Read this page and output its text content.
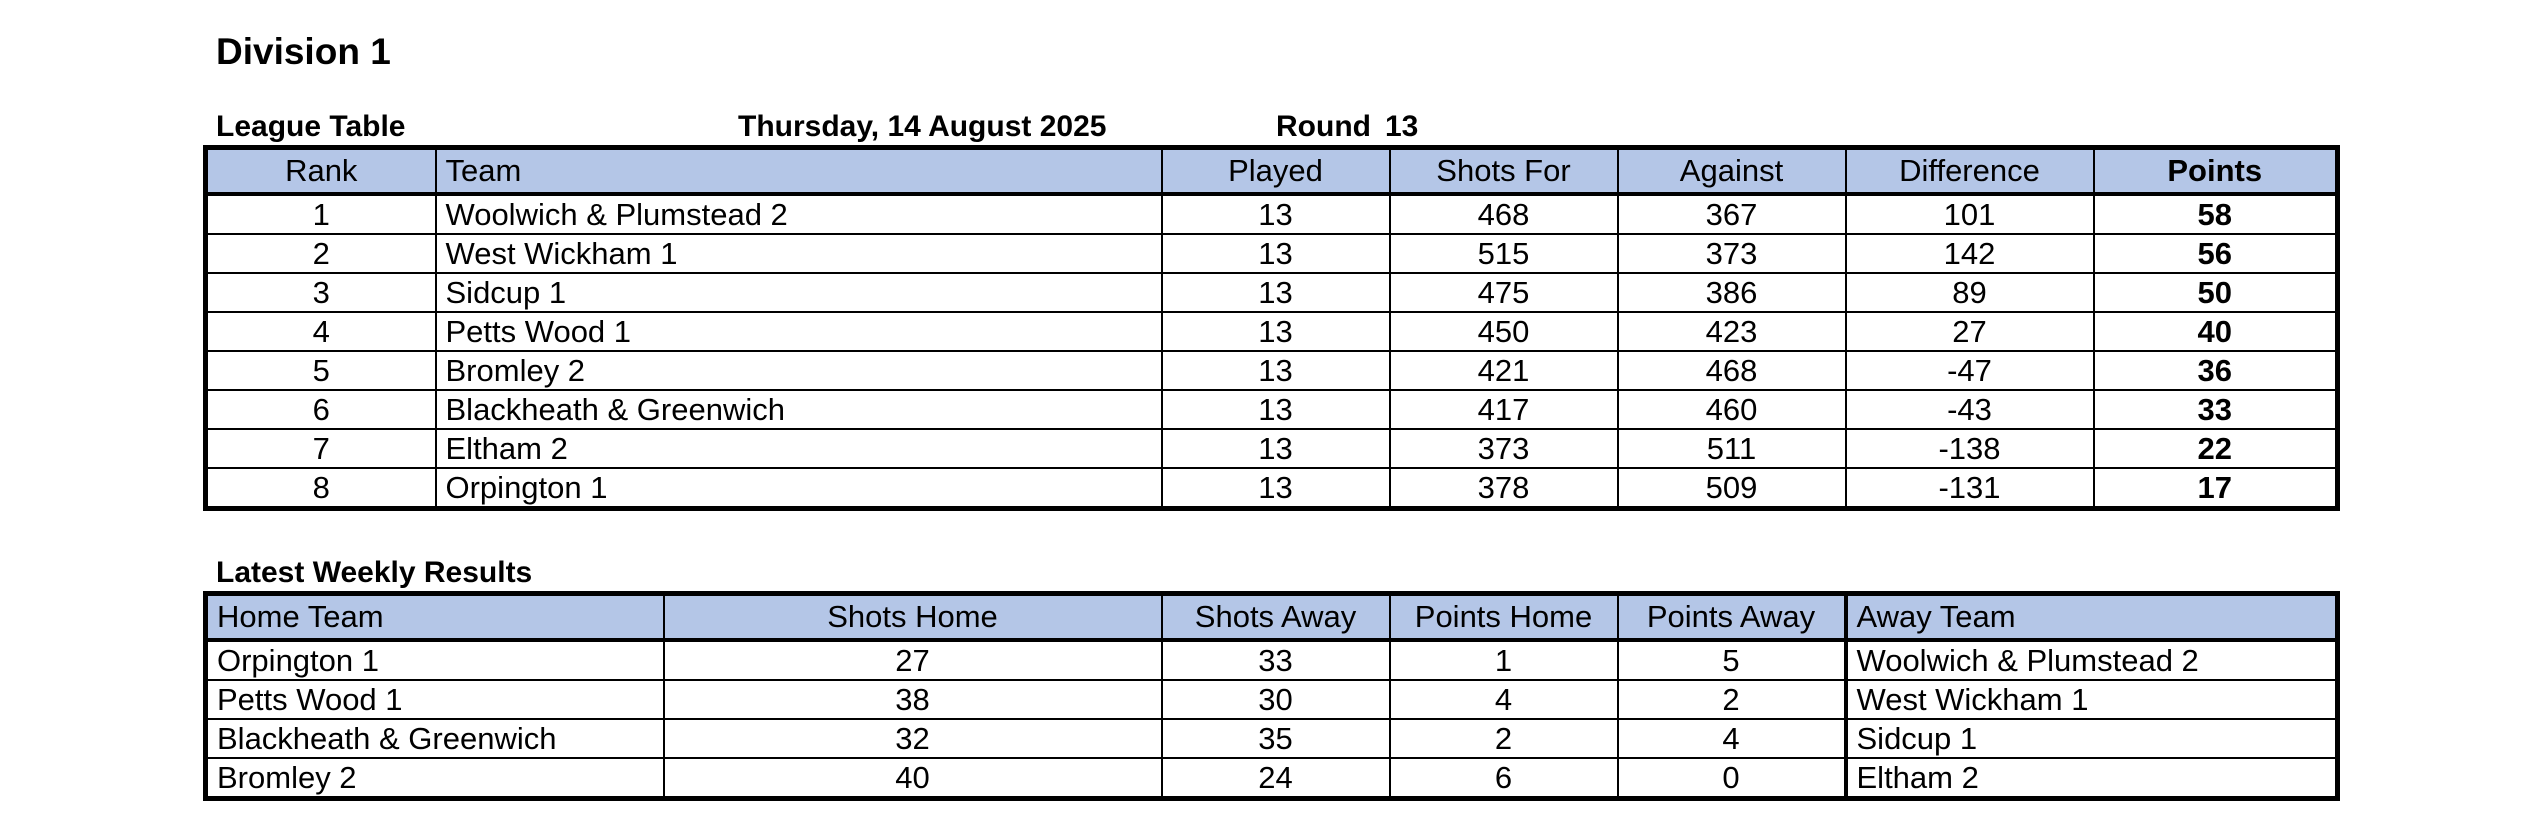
Division 1
League Table	Thursday, 14 August 2025	Round 13
Rank	Team	Played	Shots For	Against	Difference	Points
1	Woolwich & Plumstead 2	13	468	367	101	58
2	West Wickham 1	13	515	373	142	56
3	Sidcup 1	13	475	386	89	50
4	Petts Wood 1	13	450	423	27	40
5	Bromley 2	13	421	468	-47	36
6	Blackheath & Greenwich	13	417	460	-43	33
7	Eltham 2	13	373	511	-138	22
8	Orpington 1	13	378	509	-131	17
Latest Weekly Results
Home Team	Shots Home	Shots Away	Points Home	Points Away	Away Team
Orpington 1	27	33	1	5	Woolwich & Plumstead 2
Petts Wood 1	38	30	4	2	West Wickham 1
Blackheath & Greenwich	32	35	2	4	Sidcup 1
Bromley 2	40	24	6	0	Eltham 2
